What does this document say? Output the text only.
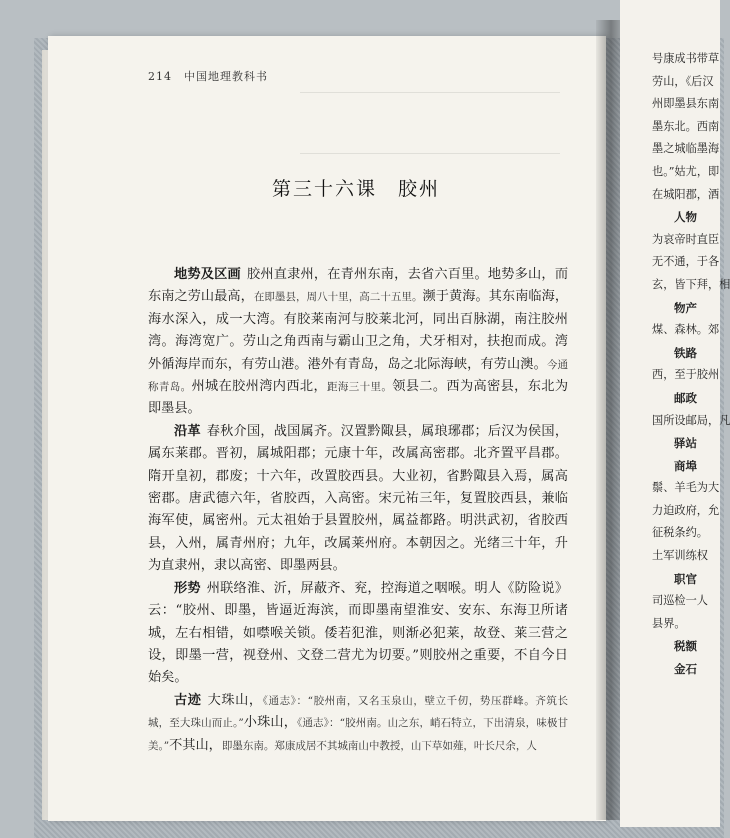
214　中国地理教科书
第三十六课　胶州

地势及区画 胶州直隶州，在青州东南，去省六百里。地势多山，而东南之劳山最高，在即墨县，周八十里，高二十五里。濒于黄海。其东南临海，海水深入，成一大湾。有胶莱南河与胶莱北河，同出百脉湖，南注胶州湾。海湾宽广。劳山之角西南与霸山卫之角，犬牙相对，扶抱而成。湾外循海岸而东，有劳山港。港外有青岛，岛之北际海峡，有劳山澳。今通称青岛。州城在胶州湾内西北，距海三十里。领县二。西为高密县，东北为即墨县。

沿革 春秋介国，战国属齐。汉置黔陬县，属琅琊郡；后汉为侯国，属东莱郡。晋初，属城阳郡；元康十年，改属高密郡。北齐置平昌郡。隋开皇初，郡废；十六年，改置胶西县。大业初，省黔陬县入焉，属高密郡。唐武德六年，省胶西，入高密。宋元祐三年，复置胶西县，兼临海军使，属密州。元太祖始于县置胶州，属益都路。明洪武初，省胶西县，入州，属青州府；九年，改属莱州府。本朝因之。光绪三十年，升为直隶州，隶以高密、即墨两县。

形势 州联络淮、沂，屏蔽齐、兖，控海道之咽喉。明人《防险说》云：“胶州、即墨，皆逼近海滨，而即墨南望淮安、安东、东海卫所诸城，左右相错，如噤喉关锁。倭若犯淮，则渐必犯莱，故登、莱三营之设，即墨一营，视登州、文登二营尤为切要。”则胶州之重要，不自今日始矣。

古迹 大珠山，《通志》：“胶州南，又名玉泉山，壁立千仞，势压群峰。齐筑长城，至大珠山而止。”小珠山，《通志》：“胶州南。山之东，峭石特立，下出清泉，味极甘美。”不其山，即墨东南。郑康成居不其城南山中教授，山下草如薤，叶长尺余，人

号康成书带草
劳山，《后汉
州即墨县东南
墨东北。西南
墨之城临墨海
也。”姑尤，即
在城阳郡，酒
人物
为哀帝时直臣
无不通，于各
玄，皆下拜，相
物产
煤、森林。郊
铁路
西，至于胶州
邮政
国所设邮局，凡
驿站
商埠
鬃、羊毛为大
力迫政府，允
征税条约。
土军训练权
职官
司巡检一人
县界。
税额
金石
